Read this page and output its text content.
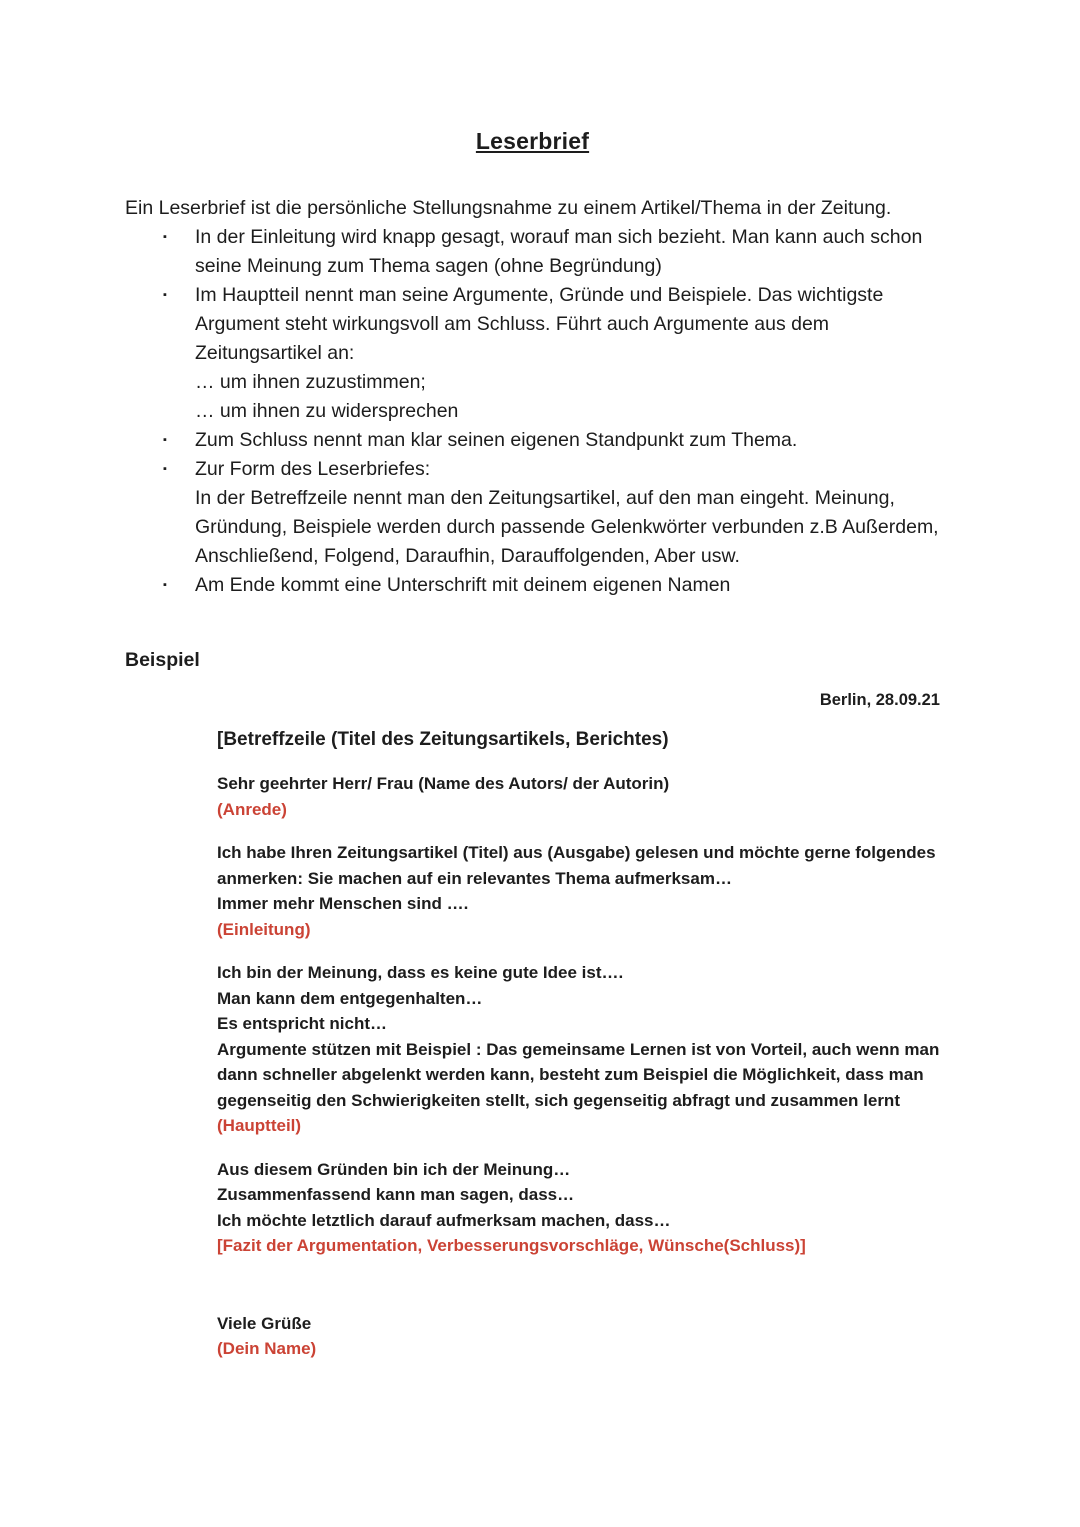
Leserbrief

Ein Leserbrief ist die persönliche Stellungsnahme zu einem Artikel/Thema in der Zeitung.

▪	In der Einleitung wird knapp gesagt, worauf man sich bezieht. Man kann auch schon seine Meinung zum Thema sagen (ohne Begründung)
▪	Im Hauptteil nennt man seine Argumente, Gründe und Beispiele. Das wichtigste Argument steht wirkungsvoll am Schluss. Führt auch Argumente aus dem Zeitungsartikel an:
… um ihnen zuzustimmen;
… um ihnen zu widersprechen
▪	Zum Schluss nennt man klar seinen eigenen Standpunkt zum Thema.
▪	Zur Form des Leserbriefes:
In der Betreffzeile nennt man den Zeitungsartikel, auf den man eingeht. Meinung, Gründung, Beispiele werden durch passende Gelenkwörter verbunden z.B Außerdem, Anschließend, Folgend, Daraufhin, Darauffolgenden, Aber usw.
▪	Am Ende kommt eine Unterschrift mit deinem eigenen Namen
Beispiel
Berlin, 28.09.21
[Betreffzeile (Titel des Zeitungsartikels, Berichtes)
Sehr geehrter Herr/ Frau (Name des Autors/ der Autorin)
(Anrede)
Ich habe Ihren Zeitungsartikel (Titel) aus (Ausgabe) gelesen und möchte gerne folgendes anmerken: Sie machen auf ein relevantes Thema aufmerksam…
Immer mehr Menschen sind ….
(Einleitung)
Ich bin der Meinung, dass es keine gute Idee ist….
Man kann dem entgegenhalten…
Es entspricht nicht…
Argumente stützen mit Beispiel : Das gemeinsame Lernen ist von Vorteil, auch wenn man dann schneller abgelenkt werden kann, besteht zum Beispiel die Möglichkeit, dass man gegenseitig den Schwierigkeiten stellt, sich gegenseitig abfragt und zusammen lernt
(Hauptteil)
Aus diesem Gründen bin ich der Meinung…
Zusammenfassend kann man sagen, dass…
Ich möchte letztlich darauf aufmerksam machen, dass…
[Fazit der Argumentation, Verbesserungsvorschläge, Wünsche(Schluss)]
Viele Grüße
(Dein Name)
